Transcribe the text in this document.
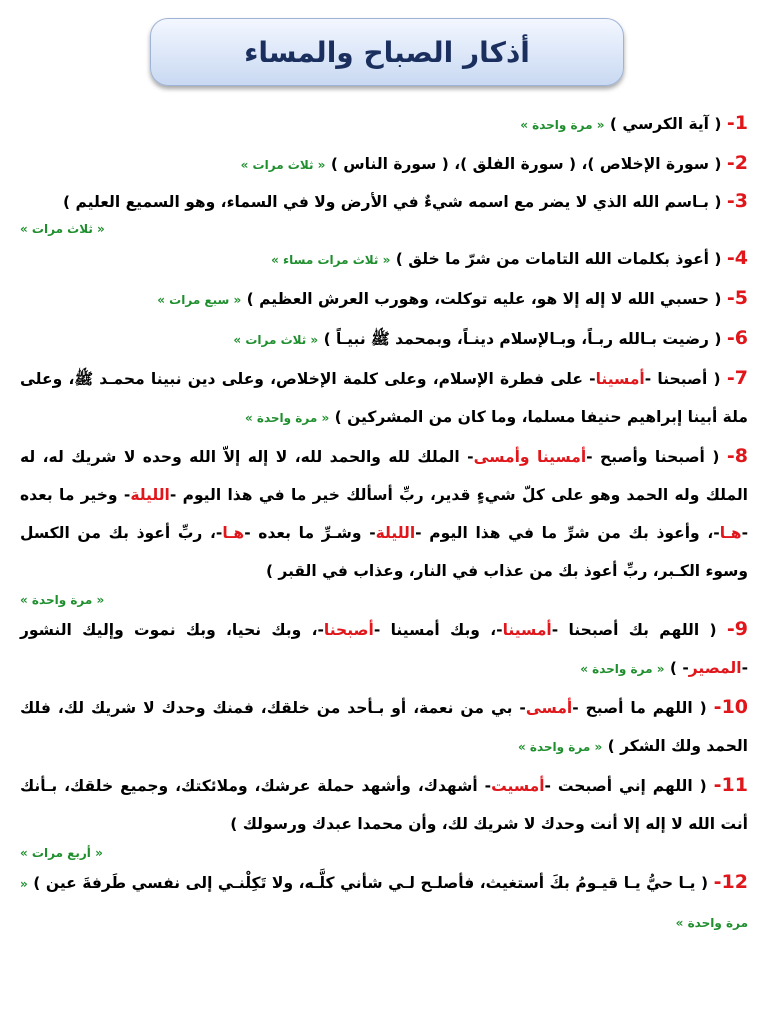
أذكار الصباح والمساء
1- ( آية الكرسي ) « مرة واحدة »
2- ( سورة الإخلاص )، ( سورة الفلق )، ( سورة الناس ) « ثلاث مرات »
3- ( بـاسم الله الذي لا يضر مع اسمه شيءٌ في الأرض ولا في السماء، وهو السميع العليم )
« ثلاث مرات »
4- ( أعوذ بكلمات الله التامات من شرّ ما خلق ) « ثلاث مرات مساء »
5- ( حسبي الله لا إله إلا هو، عليه توكلت، وهورب العرش العظيم ) « سبع مرات »
6- ( رضيت بـالله ربـاً، وبـالإسلام دينـاً، وبمحمد ﷺ نبيـاً ) « ثلاث مرات »
7- ( أصبحنا -أمسينا- على فطرة الإسلام، وعلى كلمة الإخلاص، وعلى دين نبينا محمـد ﷺ، وعلى ملة أبينا إبراهيم حنيفا مسلما، وما كان من المشركين ) « مرة واحدة »
8- ( أصبحنا وأصبح -أمسينا وأمسى- الملك لله والحمد لله، لا إله إلاّ الله وحده لا شريك له، له الملك وله الحمد وهو على كلّ شيءٍ قدير، ربِّ أسألك خير ما في هذا اليوم -الليلة- وخير ما بعده -هـا-، وأعوذ بك من شرِّ ما في هذا اليوم -الليلة- وشـرِّ ما بعده -هـا-، ربِّ أعوذ بك من الكسل وسوء الكـبر، ربِّ أعوذ بك من عذاب في النار، وعذاب في القبر )
« مرة واحدة »
9- ( اللهم بك أصبحنا -أمسينا-، وبك أمسينا -أصبحنا-، وبك نحيا، وبك نموت وإليك النشور -المصير- ) « مرة واحدة »
10- ( اللهم ما أصبح -أمسى- بي من نعمة، أو بـأحد من خلقك، فمنك وحدك لا شريك لك، فلك الحمد ولك الشكر ) « مرة واحدة »
11- ( اللهم إني أصبحت -أمسيت- أشهدك، وأشهد حملة عرشك، وملائكتك، وجميع خلقك، بـأنك أنت الله لا إله إلا أنت وحدك لا شريك لك، وأن محمدا عبدك ورسولك )
« أربع مرات »
12- ( يـا حيُّ يـا قيـومُ بكَ أستغيث، فأصلـح لـي شأني كلَّـه، ولا تَكِلْنـي إلى نفسي طَرفةَ عين ) « مرة واحدة »
